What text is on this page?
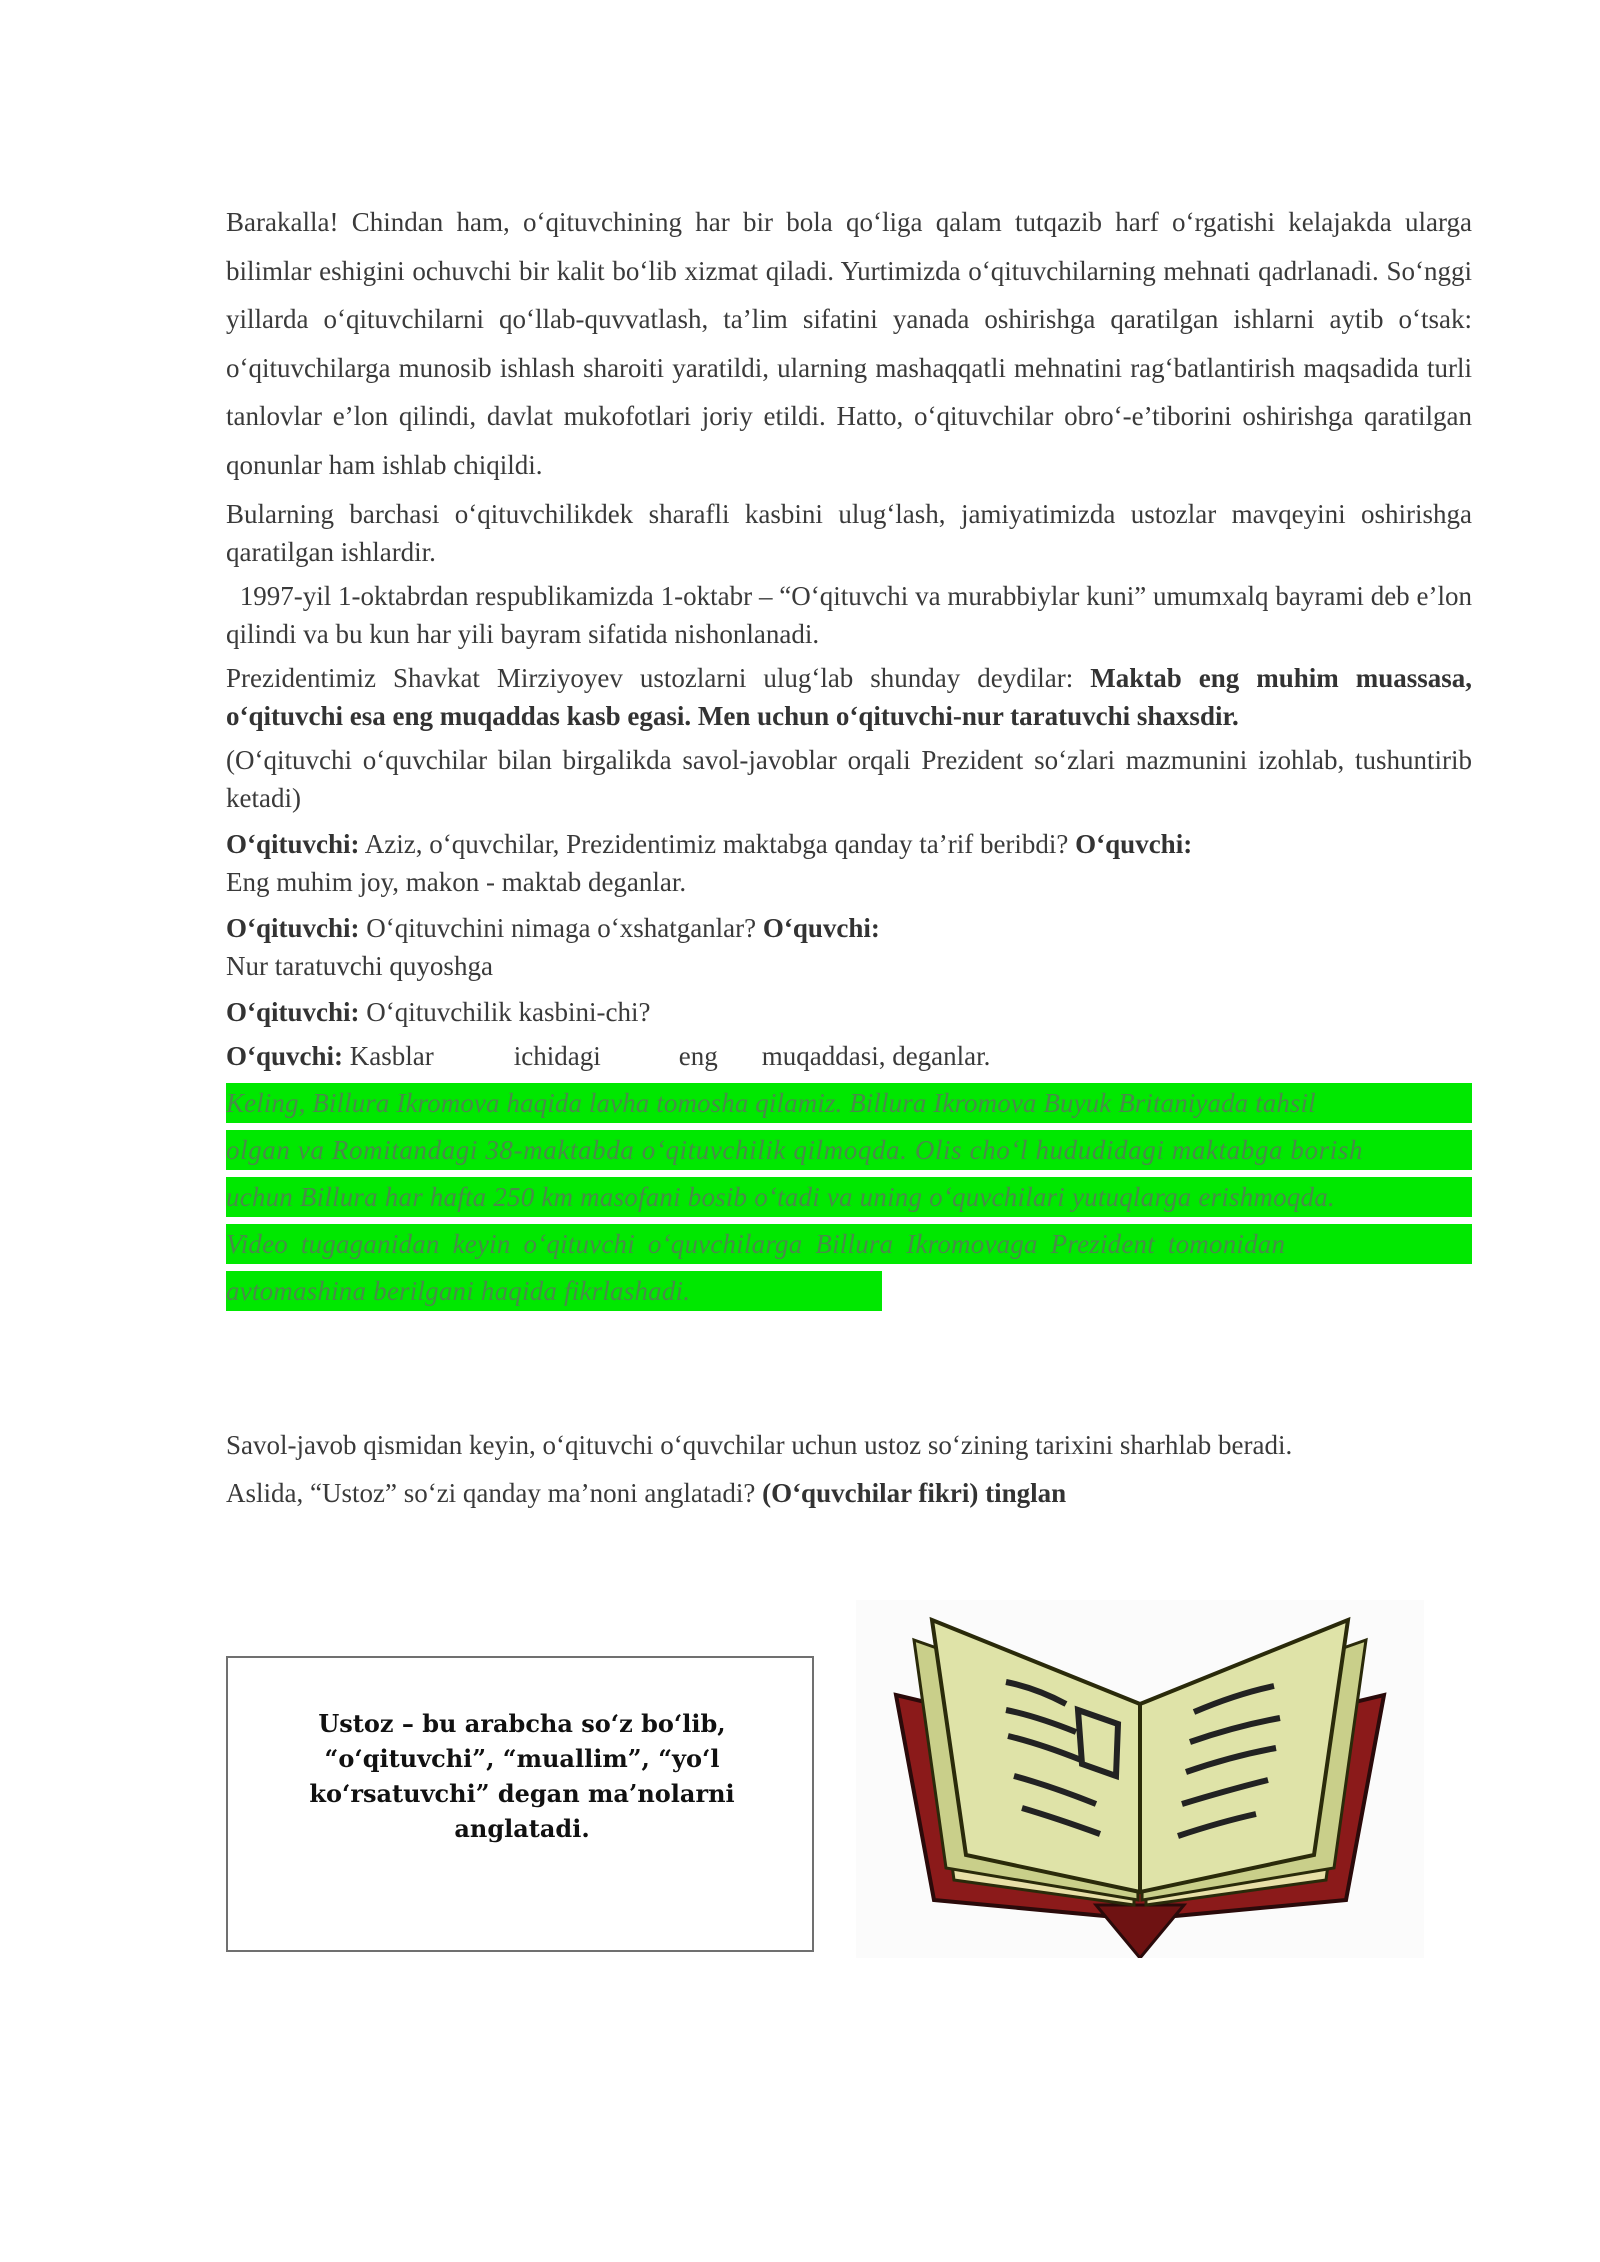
Barakalla! Chindan ham, o‘qituvchining har bir bola qo‘liga qalam tutqazib harf o‘rgatishi kelajakda ularga bilimlar eshigini ochuvchi bir kalit bo‘lib xizmat qiladi. Yurtimizda o‘qituvchilarning mehnati qadrlanadi. So‘nggi yillarda o‘qituvchilarni qo‘llab-quvvatlash, ta’lim sifatini yanada oshirishga qaratilgan ishlarni aytib o‘tsak: o‘qituvchilarga munosib ishlash sharoiti yaratildi, ularning mashaqqatli mehnatini rag‘batlantirish maqsadida turli tanlovlar e’lon qilindi, davlat mukofotlari joriy etildi. Hatto, o‘qituvchilar obro‘-e’tiborini oshirishga qaratilgan qonunlar ham ishlab chiqildi.

Bularning barchasi o‘qituvchilikdek sharafli kasbini ulug‘lash, jamiyatimizda ustozlar mavqeyini oshirishga qaratilgan ishlardir.

1997-yil 1-oktabrdan respublikamizda 1-oktabr – “O‘qituvchi va murabbiylar kuni” umumxalq bayrami deb e’lon qilindi va bu kun har yili bayram sifatida nishonlanadi.

Prezidentimiz Shavkat Mirziyoyev ustozlarni ulug‘lab shunday deydilar: Maktab eng muhim muassasa, o‘qituvchi esa eng muqaddas kasb egasi. Men uchun o‘qituvchi-nur taratuvchi shaxsdir.

(O‘qituvchi o‘quvchilar bilan birgalikda savol-javoblar orqali Prezident so‘zlari mazmunini izohlab, tushuntirib ketadi)

O‘qituvchi: Aziz, o‘quvchilar, Prezidentimiz maktabga qanday ta’rif beribdi? O‘quvchi:
Eng muhim joy, makon - maktab deganlar.

O‘qituvchi: O‘qituvchini nimaga o‘xshatganlar? O‘quvchi:
Nur taratuvchi quyoshga

O‘qituvchi: O‘qituvchilik kasbini-chi?

O‘quvchi: Kasblar	ichidagi	eng muqaddasi, deganlar.

Keling, Billura Ikromova haqida lavha tomosha qilamiz. Billura Ikromova Buyuk Britaniyada tahsil
olgan va Romitandagi 38-maktabda o‘qituvchilik qilmoqda. Olis cho‘l hududidagi maktabga borish
uchun Billura har hafta 250 km masofani bosib o‘tadi va uning o‘quvchilari yutuqlarga erishmoqda.
Video tugaganidan keyin o‘qituvchi o‘quvchilarga Billura Ikromovaga Prezident tomonidan
avtomashina berilgani haqida fikrlashadi.

Savol-javob qismidan keyin, o‘qituvchi o‘quvchilar uchun ustoz so‘zining tarixini sharhlab beradi.
Aslida, “Ustoz” so‘zi qanday ma’noni anglatadi? (O‘quvchilar fikri) tinglan

Ustoz – bu arabcha so‘z bo‘lib, “o‘qituvchi”, “muallim”, “yo‘l ko‘rsatuvchi” degan ma’nolarni anglatadi.
